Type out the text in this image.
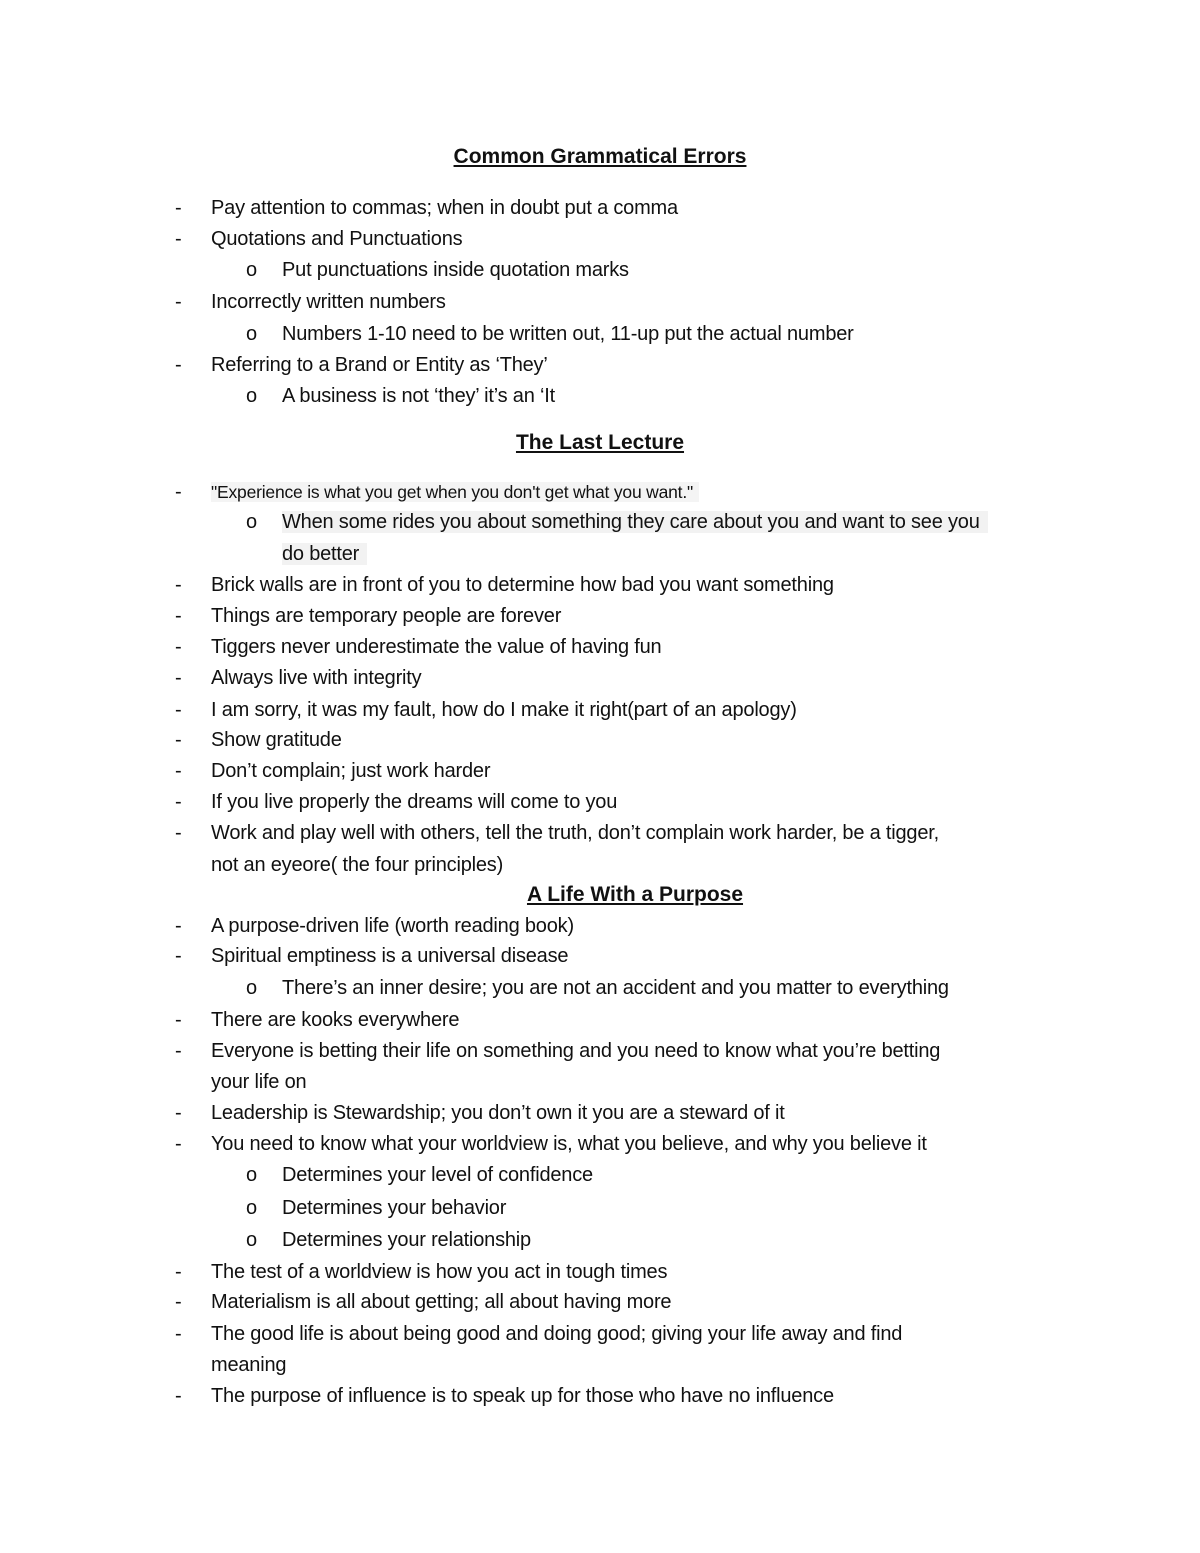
Common Grammatical Errors
- Pay attention to commas; when in doubt put a comma
- Quotations and Punctuations
o Put punctuations inside quotation marks
- Incorrectly written numbers
o Numbers 1-10 need to be written out, 11-up put the actual number
- Referring to a Brand or Entity as ‘They’
o A business is not ‘they’ it’s an ‘It
The Last Lecture
- "Experience is what you get when you don't get what you want."
o When some rides you about something they care about you and want to see you
do better
- Brick walls are in front of you to determine how bad you want something
- Things are temporary people are forever
- Tiggers never underestimate the value of having fun
- Always live with integrity
- I am sorry, it was my fault, how do I make it right(part of an apology)
- Show gratitude
- Don’t complain; just work harder
- If you live properly the dreams will come to you
- Work and play well with others, tell the truth, don’t complain work harder, be a tigger,
not an eyeore( the four principles)
A Life With a Purpose
- A purpose-driven life (worth reading book)
- Spiritual emptiness is a universal disease
o There’s an inner desire; you are not an accident and you matter to everything
- There are kooks everywhere
- Everyone is betting their life on something and you need to know what you’re betting
your life on
- Leadership is Stewardship; you don’t own it you are a steward of it
- You need to know what your worldview is, what you believe, and why you believe it
o Determines your level of confidence
o Determines your behavior
o Determines your relationship
- The test of a worldview is how you act in tough times
- Materialism is all about getting; all about having more
- The good life is about being good and doing good; giving your life away and find
meaning
- The purpose of influence is to speak up for those who have no influence
